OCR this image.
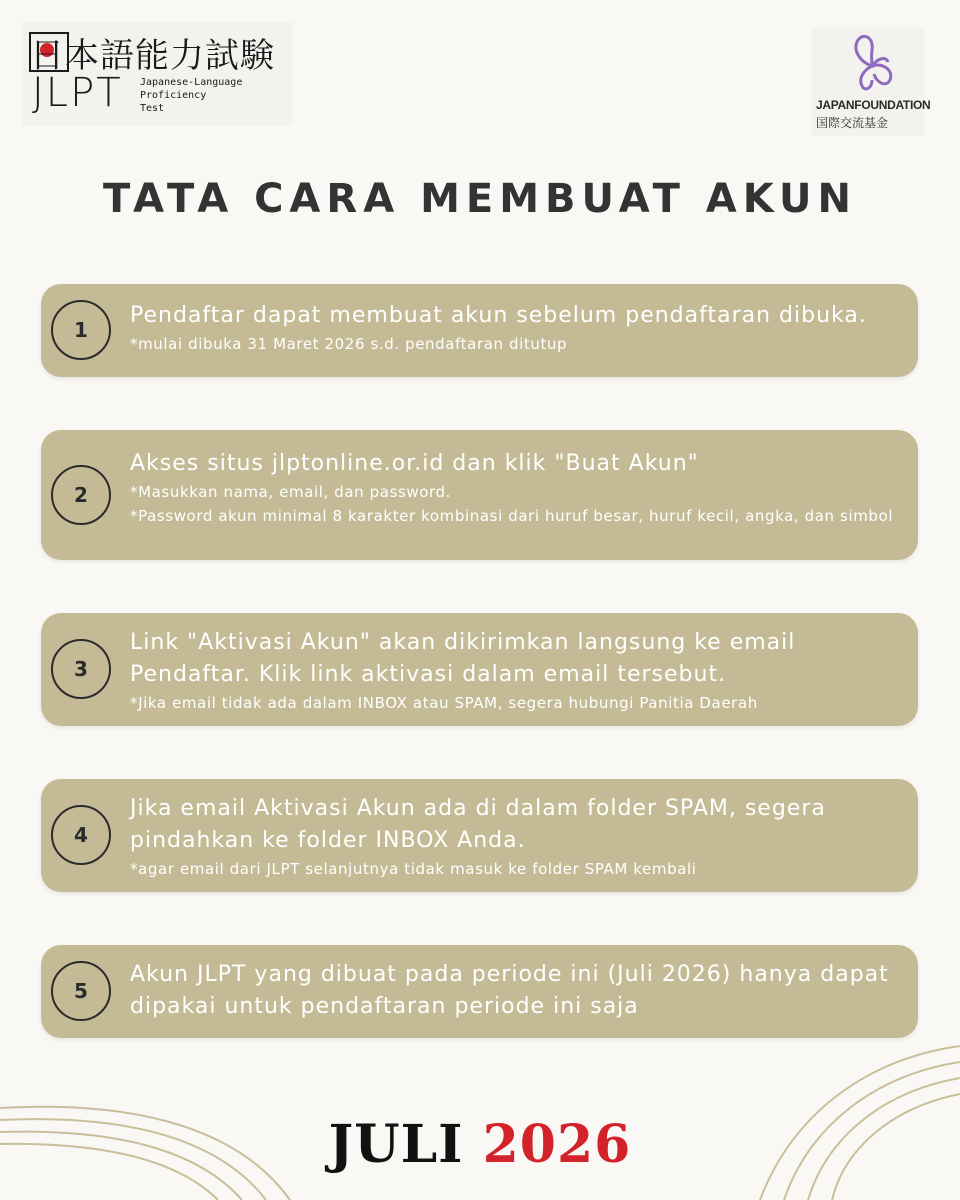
日本語能力試験
JLPT Japanese-Language
Proficiency
Test	JAPANFOUNDATION
国際交流基金
TATA CARA MEMBUAT AKUN
1
Pendaftar dapat membuat akun sebelum pendaftaran dibuka.
*mulai dibuka 31 Maret 2026 s.d. pendaftaran ditutup
2
Akses situs jlptonline.or.id dan klik "Buat Akun"
*Masukkan nama, email, dan password.
*Password akun minimal 8 karakter kombinasi dari huruf besar, huruf kecil, angka, dan simbol
3
Link "Aktivasi Akun" akan dikirimkan langsung ke email Pendaftar. Klik link aktivasi dalam email tersebut.
*Jika email tidak ada dalam INBOX atau SPAM, segera hubungi Panitia Daerah
4
Jika email Aktivasi Akun ada di dalam folder SPAM, segera pindahkan ke folder INBOX Anda.
*agar email dari JLPT selanjutnya tidak masuk ke folder SPAM kembali
5
Akun JLPT yang dibuat pada periode ini (Juli 2026) hanya dapat dipakai untuk pendaftaran periode ini saja
JULI 2026
